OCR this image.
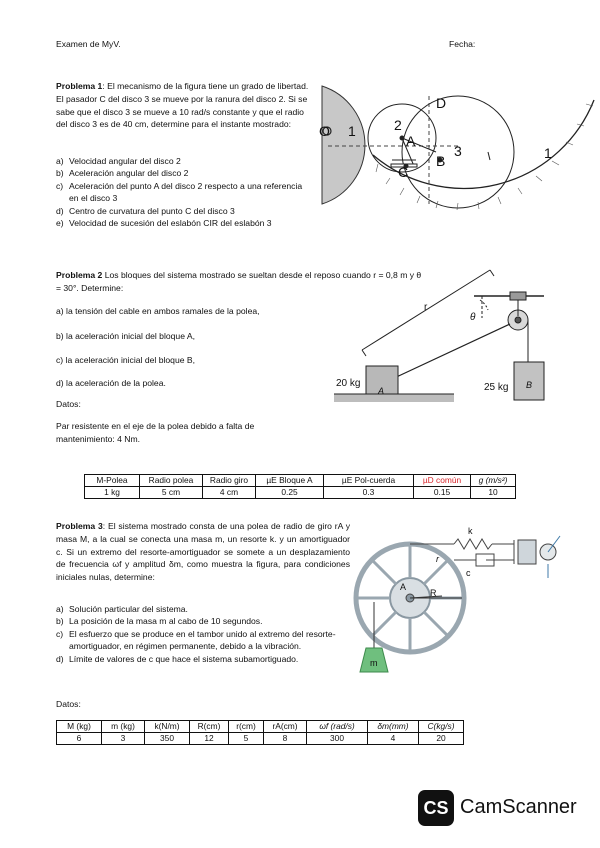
Examen de MyV.	Fecha:
Problema 1: El mecanismo de la figura tiene un grado de libertad. El pasador C del disco 3 se mueve por la ranura del disco 2. Si se sabe que el disco 3 se mueve a 10 rad/s constante y que el radio del disco 3 es de 40 cm, determine para el instante mostrado:
a) Velocidad angular del disco 2
b) Aceleración angular del disco 2
c) Aceleración del punto A del disco 2 respecto a una referencia en el disco 3
d) Centro de curvatura del punto C del disco 3
e) Velocidad de sucesión del eslabón CIR del eslabón 3
O 1	2
A
C
D
B
3	1
Problema 2 Los bloques del sistema mostrado se sueltan desde el reposo cuando r = 0,8 m y θ = 30°. Determine:
a) la tensión del cable en ambos ramales de la polea,
b) la aceleración inicial del bloque A,
c) la aceleración inicial del bloque B,
d) la aceleración de la polea.
Datos:
Par resistente en el eje de la polea debido a falta de mantenimiento: 4 Nm.
r
θ
20 kg
A	25 kg B
M-Polea	Radio polea	Radio giro	µE Bloque A	µE Pol-cuerda	µD común	g (m/s²)
1 kg	5 cm	4 cm	0.25	0.3	0.15	10
Problema 3: El sistema mostrado consta de una polea de radio de giro rA y masa M, a la cual se conecta una masa m, un resorte k. y un amortiguador c. Si un extremo del resorte-amortiguador se somete a un desplazamiento de frecuencia ωf y amplitud δm, como muestra la figura, para condiciones iniciales nulas, determine:
a) Solución particular del sistema.
b) La posición de la masa m al cabo de 10 segundos.
c) El esfuerzo que se produce en el tambor unido al extremo del resorte-amortiguador, en régimen permanente, debido a la vibración.
d) Límite de valores de c que hace el sistema subamortiguado.
Datos:
k
c
r
A
R
m
M (kg)	m (kg)	k(N/m)	R(cm)	r(cm)	rA(cm)	ωf (rad/s)	δm(mm)	C(kg/s)
6	3	350	12	5	8	300	4	20
CS CamScanner
